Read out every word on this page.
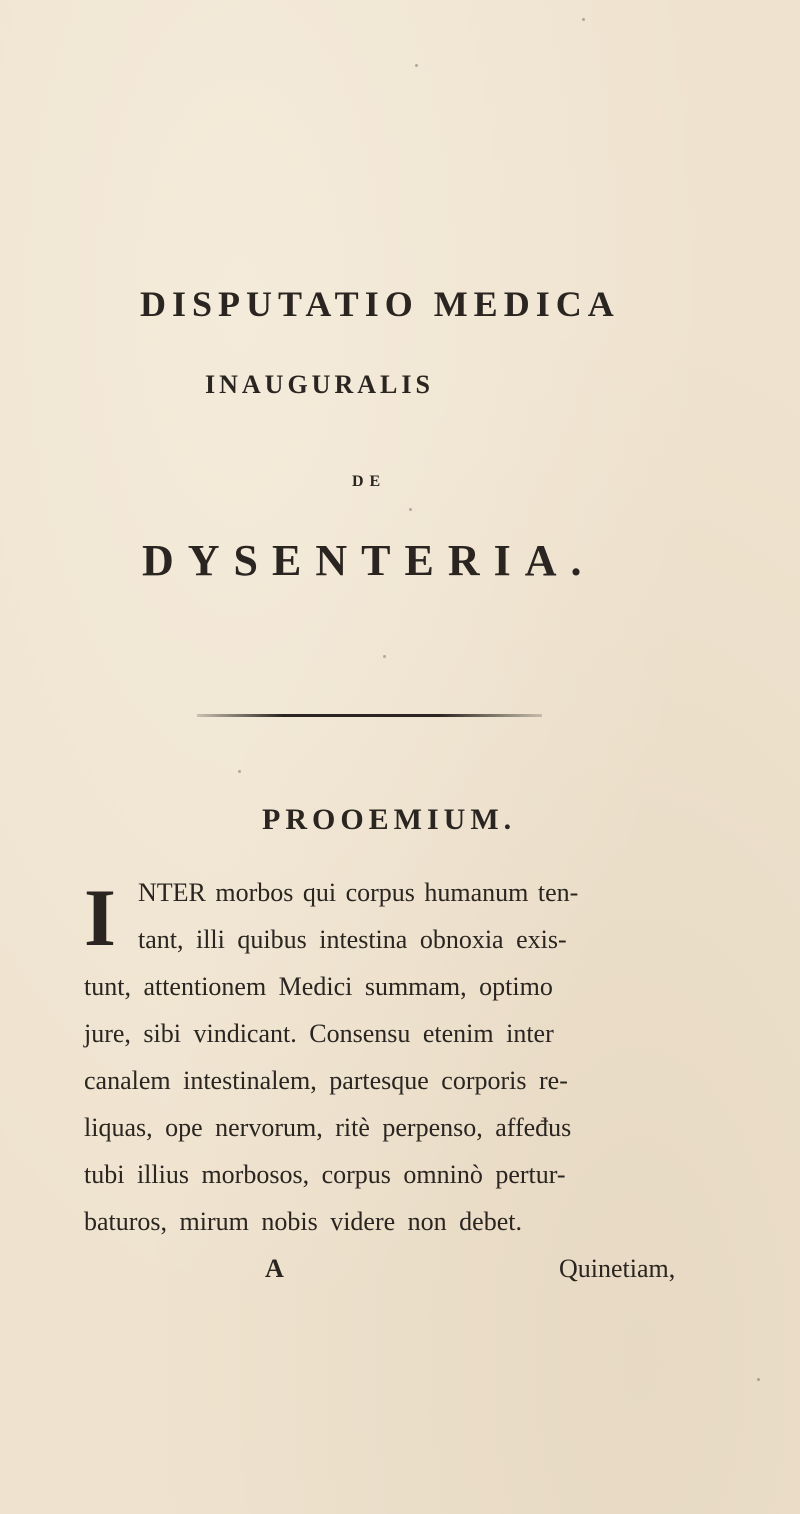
DISPUTATIO MEDICA
INAUGURALIS
DE
DYSENTERIA.
PROOEMIUM.
I NTER morbos qui corpus humanum ten-
tant, illi quibus intestina obnoxia exis-
tunt, attentionem Medici summam, optimo
jure, sibi vindicant. Consensu etenim inter
canalem intestinalem, partesque corporis re-
liquas, ope nervorum, ritè perpenso, affeđus
tubi illius morbosos, corpus omninò pertur-
baturos, mirum nobis videre non debet.
A	Quinetiam,
